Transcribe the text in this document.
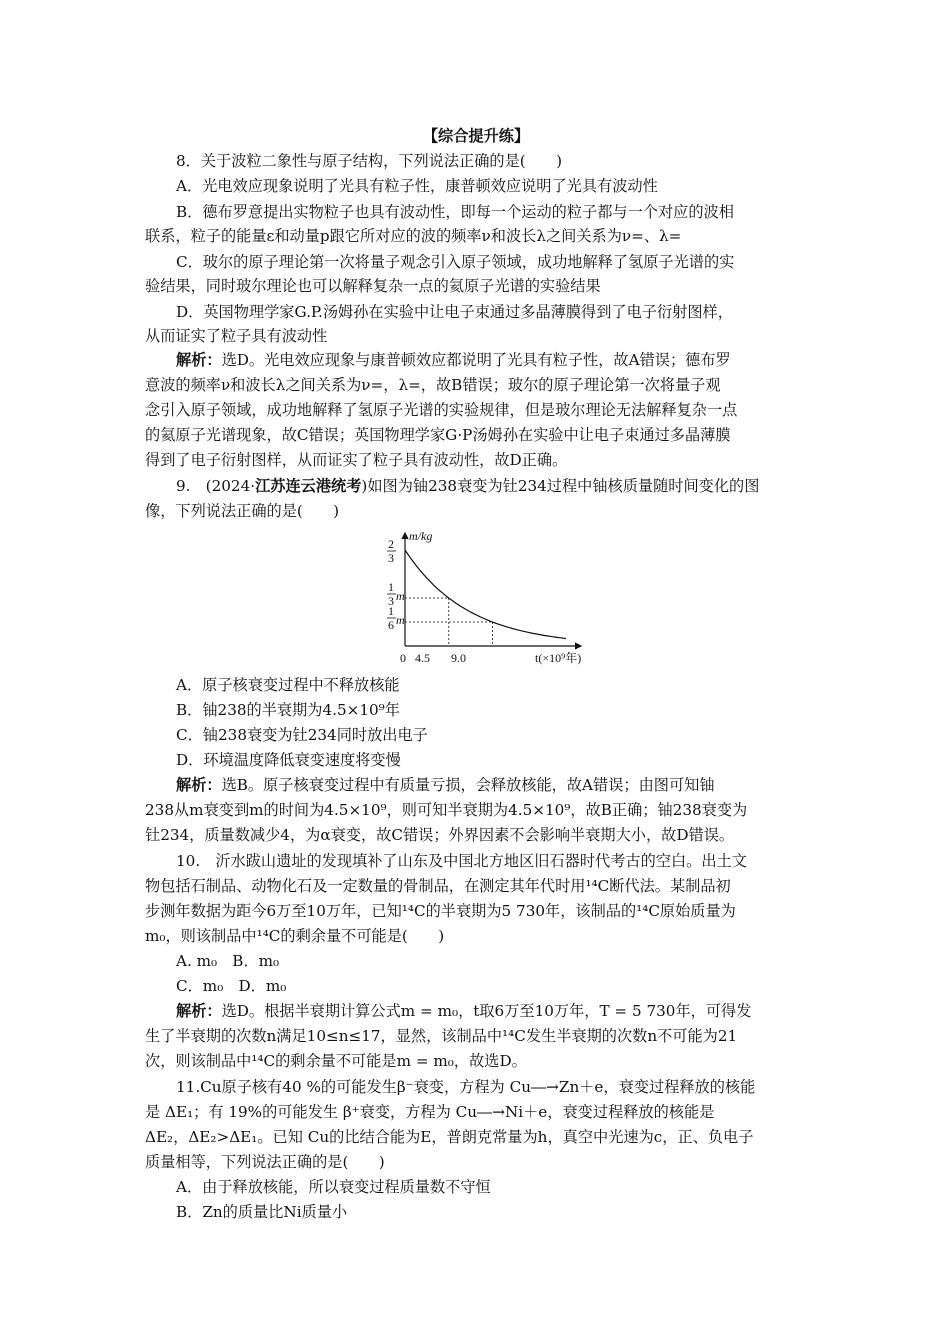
【综合提升练】
8．关于波粒二象性与原子结构，下列说法正确的是(　　)
A．光电效应现象说明了光具有粒子性，康普顿效应说明了光具有波动性
B．德布罗意提出实物粒子也具有波动性，即每一个运动的粒子都与一个对应的波相
联系，粒子的能量ε和动量p跟它所对应的波的频率ν和波长λ之间关系为ν=、λ=
C．玻尔的原子理论第一次将量子观念引入原子领域，成功地解释了氢原子光谱的实
验结果，同时玻尔理论也可以解释复杂一点的氦原子光谱的实验结果
D．英国物理学家G.P.汤姆孙在实验中让电子束通过多晶薄膜得到了电子衍射图样，
从而证实了粒子具有波动性
解析：选D。光电效应现象与康普顿效应都说明了光具有粒子性，故A错误；德布罗
意波的频率ν和波长λ之间关系为ν=，λ=，故B错误；玻尔的原子理论第一次将量子观
念引入原子领域，成功地解释了氢原子光谱的实验规律，但是玻尔理论无法解释复杂一点
的氦原子光谱现象，故C错误；英国物理学家G·P汤姆孙在实验中让电子束通过多晶薄膜
得到了电子衍射图样，从而证实了粒子具有波动性，故D正确。
9.　(2024·江苏连云港统考)如图为铀238衰变为钍234过程中铀核质量随时间变化的图
像，下列说法正确的是(　　)
m/kg
t(×10⁹年)
2
3
1
3 m
1
6 m
0 4.5 9.0
A．原子核衰变过程中不释放核能
B．铀238的半衰期为4.5×10⁹年
C．铀238衰变为钍234同时放出电子
D．环境温度降低衰变速度将变慢
解析：选B。原子核衰变过程中有质量亏损，会释放核能，故A错误；由图可知铀
238从m衰变到m的时间为4.5×10⁹，则可知半衰期为4.5×10⁹，故B正确；铀238衰变为
钍234，质量数减少4，为α衰变，故C错误；外界因素不会影响半衰期大小，故D错误。
10.　沂水跋山遗址的发现填补了山东及中国北方地区旧石器时代考古的空白。出土文
物包括石制品、动物化石及一定数量的骨制品，在测定其年代时用¹⁴C断代法。某制品初
步测年数据为距今6万至10万年，已知¹⁴C的半衰期为5 730年，该制品的¹⁴C原始质量为
m₀，则该制品中¹⁴C的剩余量不可能是(　　)
A. m₀　B．m₀
C．m₀　D．m₀
解析：选D。根据半衰期计算公式m = m₀，t取6万至10万年，T = 5 730年，可得发
生了半衰期的次数n满足10≤n≤17，显然，该制品中¹⁴C发生半衰期的次数n不可能为21
次，则该制品中¹⁴C的剩余量不可能是m = m₀，故选D。
11.Cu原子核有40 %的可能发生β⁻衰变，方程为 Cu―→Zn＋e，衰变过程释放的核能
是 ΔE₁；有 19%的可能发生 β⁺衰变，方程为 Cu―→Ni＋e，衰变过程释放的核能是
ΔE₂，ΔE₂>ΔE₁。已知 Cu的比结合能为E，普朗克常量为h，真空中光速为c，正、负电子
质量相等，下列说法正确的是(　　)
A．由于释放核能，所以衰变过程质量数不守恒
B．Zn的质量比Ni质量小
